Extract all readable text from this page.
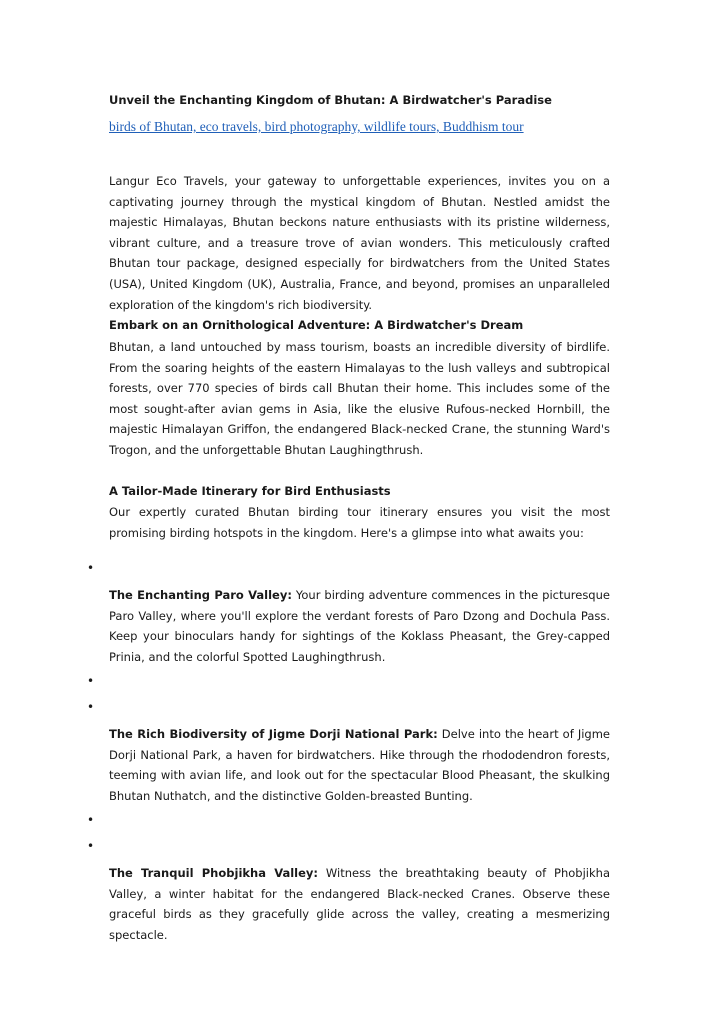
Unveil the Enchanting Kingdom of Bhutan: A Birdwatcher's Paradise
birds of Bhutan, eco travels, bird photography, wildlife tours, Buddhism tour

Langur Eco Travels, your gateway to unforgettable experiences, invites you on a captivating journey through the mystical kingdom of Bhutan. Nestled amidst the majestic Himalayas, Bhutan beckons nature enthusiasts with its pristine wilderness, vibrant culture, and a treasure trove of avian wonders. This meticulously crafted Bhutan tour package, designed especially for birdwatchers from the United States (USA), United Kingdom (UK), Australia, France, and beyond, promises an unparalleled exploration of the kingdom's rich biodiversity.

Embark on an Ornithological Adventure: A Birdwatcher's Dream

Bhutan, a land untouched by mass tourism, boasts an incredible diversity of birdlife. From the soaring heights of the eastern Himalayas to the lush valleys and subtropical forests, over 770 species of birds call Bhutan their home. This includes some of the most sought-after avian gems in Asia, like the elusive Rufous-necked Hornbill, the majestic Himalayan Griffon, the endangered Black-necked Crane, the stunning Ward's Trogon, and the unforgettable Bhutan Laughingthrush.

A Tailor-Made Itinerary for Bird Enthusiasts

Our expertly curated Bhutan birding tour itinerary ensures you visit the most promising birding hotspots in the kingdom. Here's a glimpse into what awaits you:

•

The Enchanting Paro Valley: Your birding adventure commences in the picturesque Paro Valley, where you'll explore the verdant forests of Paro Dzong and Dochula Pass. Keep your binoculars handy for sightings of the Koklass Pheasant, the Grey-capped Prinia, and the colorful Spotted Laughingthrush.

•
•

The Rich Biodiversity of Jigme Dorji National Park: Delve into the heart of Jigme Dorji National Park, a haven for birdwatchers. Hike through the rhododendron forests, teeming with avian life, and look out for the spectacular Blood Pheasant, the skulking Bhutan Nuthatch, and the distinctive Golden-breasted Bunting.

•
•

The Tranquil Phobjikha Valley: Witness the breathtaking beauty of Phobjikha Valley, a winter habitat for the endangered Black-necked Cranes. Observe these graceful birds as they gracefully glide across the valley, creating a mesmerizing spectacle.
